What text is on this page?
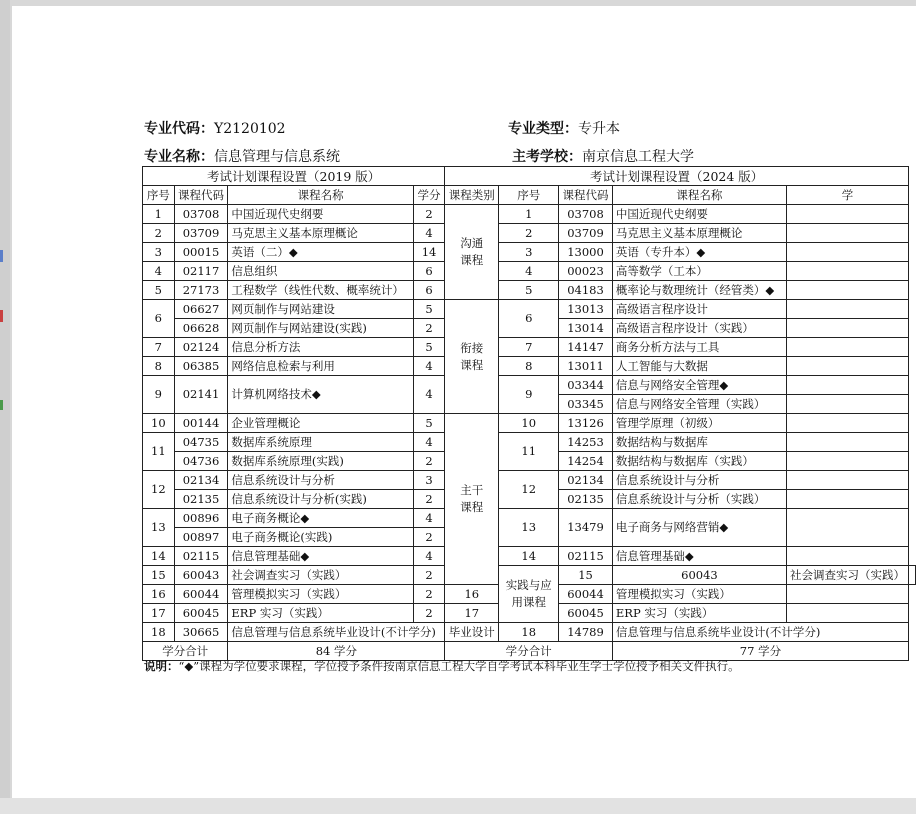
专业代码：Y2120102	专业类型：专升本
专业名称：信息管理与信息系统	主考学校：南京信息工程大学
考试计划课程设置（2019 版）				考试计划课程设置（2024 版）					
序号	课程代码	课程名称	学分	课程类别	序号	课程代码	课程名称	学	
1	03708	中国近现代史纲要	2	沟通课程	1	03708	中国近现代史纲要		
2	03709	马克思主义基本原理概论	4		2	03709	马克思主义基本原理概论		
3	00015	英语（二）◆	14		3	13000	英语（专升本）◆		
4	02117	信息组织	6		4	00023	高等数学（工本）		
5	27173	工程数学（线性代数、概率统计）	6		5	04183	概率论与数理统计（经管类）◆		
6	06627	网页制作与网站建设	5	衔接课程	6	13013	高级语言程序设计		
	06628	网页制作与网站建设(实践)	2			13014	高级语言程序设计（实践）		
7	02124	信息分析方法	5		7	14147	商务分析方法与工具		
8	06385	网络信息检索与利用	4		8	13011	人工智能与大数据		
9	02141	计算机网络技术◆	4		9	03344	信息与网络安全管理◆		
						03345	信息与网络安全管理（实践）		
10	00144	企业管理概论	5	主干课程	10	13126	管理学原理（初级）		
11	04735	数据库系统原理	4		11	14253	数据结构与数据库		
	04736	数据库系统原理(实践)	2			14254	数据结构与数据库（实践）		
12	02134	信息系统设计与分析	3		12	02134	信息系统设计与分析		
	02135	信息系统设计与分析(实践)	2			02135	信息系统设计与分析（实践）		
13	00896	电子商务概论◆	4		13	13479	电子商务与网络营销◆		
	00897	电子商务概论(实践)	2						
14	02115	信息管理基础◆	4		14	02115	信息管理基础◆		
15	60043	社会调查实习（实践）	2		实践与应用课程	15	60043	社会调查实习（实践）	
16	60044	管理模拟实习（实践）	2	16		60044	管理模拟实习（实践）		
17	60045	ERP 实习（实践）	2	17		60045	ERP 实习（实践）		
18	30665	信息管理与信息系统毕业设计(不计学分)		毕业设计	18	14789	信息管理与信息系统毕业设计(不计学分)		
学分合计		84 学分		学分合计			77 学分		
说明：“◆”课程为学位要求课程，学位授予条件按南京信息工程大学自学考试本科毕业生学士学位授予相关文件执行。
